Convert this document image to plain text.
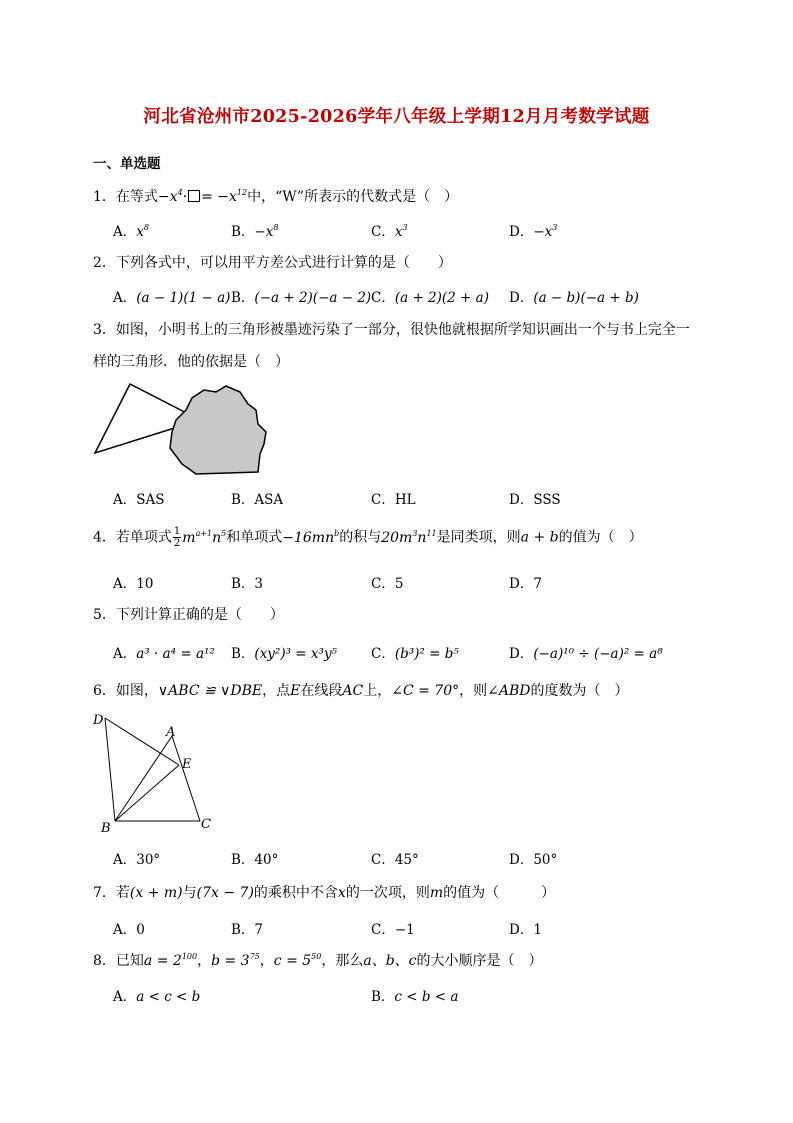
河北省沧州市2025-2026学年八年级上学期12月月考数学试题
一、单选题
1．在等式$-x^4\cdot = -x^{12}$中，“W”所表示的代数式是（　）
A．$x^8$	B．$-x^8$	C．$x^3$	D．$-x^3$
2．下列各式中，可以用平方差公式进行计算的是（　　）
A．(a − 1)(1 − a) B．(−a + 2)(−a − 2) C．(a + 2)(2 + a) D．(a − b)(−a + b)
3．如图，小明书上的三角形被墨迹污染了一部分，很快他就根据所学知识画出一个与书上完全一
样的三角形．他的依据是（　）
A．SAS	B．ASA	C．HL	D．SSS
4．若单项式 $\frac{1}{2} m^{a+1}n^5$和单项式$-16mn^b$的积与$20m^3n^{11}$是同类项，则a + b的值为（　）
A．10	B．3	C．5	D．7
5．下列计算正确的是（　　）
A．a³ · a⁴ = a¹² B．(xy²)³ = x³y⁵	C．(b³)² = b⁵	D．(−a)¹⁰ ÷ (−a)² = a⁸
6．如图，∨ABC ≌ ∨DBE，点E在线段AC上，∠C = 70°，则∠ABD的度数为（　）
D
A
E
B	C
A．30°	B．40°	C．45°	D．50°
7．若(x + m)与(7x − 7)的乘积中不含x的一次项，则m的值为（　　　）
A．0	B．7	C．−1	D．1
8．已知$a = 2^{100}$，$b = 3^{75}$，$c = 5^{50}$，那么a、b、c的大小顺序是（　）
A．a < c < b	B．c < b < a
